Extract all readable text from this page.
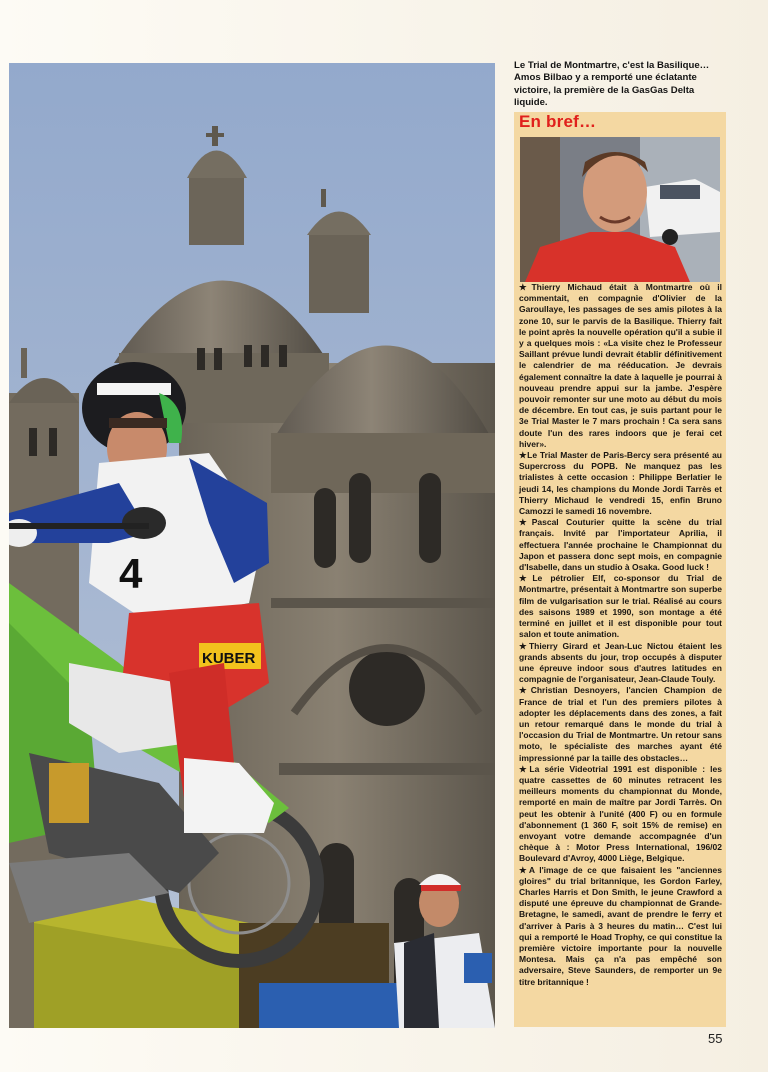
4
KUBER

Le Trial de Montmartre, c'est la Basilique… Amos Bilbao y a remporté une éclatante victoire, la première de la GasGas Delta liquide.

En bref…

★Thierry Michaud était à Montmartre où il commentait, en compagnie d'Olivier de la Garoullaye, les passages de ses amis pilotes à la zone 10, sur le parvis de la Basilique. Thierry fait le point après la nouvelle opération qu'il a subie il y a quelques mois : «La visite chez le Professeur Saillant prévue lundi devrait établir définitivement le calendrier de ma rééducation. Je devrais également connaître la date à laquelle je pourrai à nouveau prendre appui sur la jambe. J'espère pouvoir remonter sur une moto au début du mois de décembre. En tout cas, je suis partant pour le 3e Trial Master le 7 mars prochain ! Ca sera sans doute l'un des rares indoors que je ferai cet hiver».

★Le Trial Master de Paris-Bercy sera présenté au Supercross du POPB. Ne manquez pas les trialistes à cette occasion : Philippe Berlatier le jeudi 14, les champions du Monde Jordi Tarrès et Thierry Michaud le vendredi 15, enfin Bruno Camozzi le samedi 16 novembre.

★Pascal Couturier quitte la scène du trial français. Invité par l'importateur Aprilia, il effectuera l'année prochaine le Championnat du Japon et passera donc sept mois, en compagnie d'Isabelle, dans un studio à Osaka. Good luck !

★Le pétrolier Elf, co-sponsor du Trial de Montmartre, présentait à Montmartre son superbe film de vulgarisation sur le trial. Réalisé au cours des saisons 1989 et 1990, son montage a été terminé en juillet et il est disponible pour tout salon et toute animation.

★Thierry Girard et Jean-Luc Nictou étaient les grands absents du jour, trop occupés à disputer une épreuve indoor sous d'autres latitudes en compagnie de l'organisateur, Jean-Claude Touly.

★Christian Desnoyers, l'ancien Champion de France de trial et l'un des premiers pilotes à adopter les déplacements dans des zones, a fait un retour remarqué dans le monde du trial à l'occasion du Trial de Montmartre. Un retour sans moto, le spécialiste des marches ayant été impressionné par la taille des obstacles…

★La série Videotrial 1991 est disponible : les quatre cassettes de 60 minutes retracent les meilleurs moments du championnat du Monde, remporté en main de maître par Jordi Tarrès. On peut les obtenir à l'unité (400 F) ou en formule d'abonnement (1 360 F, soit 15% de remise) en envoyant votre demande accompagnée d'un chèque à : Motor Press International, 196/02 Boulevard d'Avroy, 4000 Liège, Belgique.

★A l'image de ce que faisaient les "anciennes gloires" du trial britannique, les Gordon Farley, Charles Harris et Don Smith, le jeune Crawford a disputé une épreuve du championnat de Grande-Bretagne, le samedi, avant de prendre le ferry et d'arriver à Paris à 3 heures du matin… C'est lui qui a remporté le Hoad Trophy, ce qui constitue la première victoire importante pour la nouvelle Montesa. Mais ça n'a pas empêché son adversaire, Steve Saunders, de remporter un 9e titre britannique !

55
